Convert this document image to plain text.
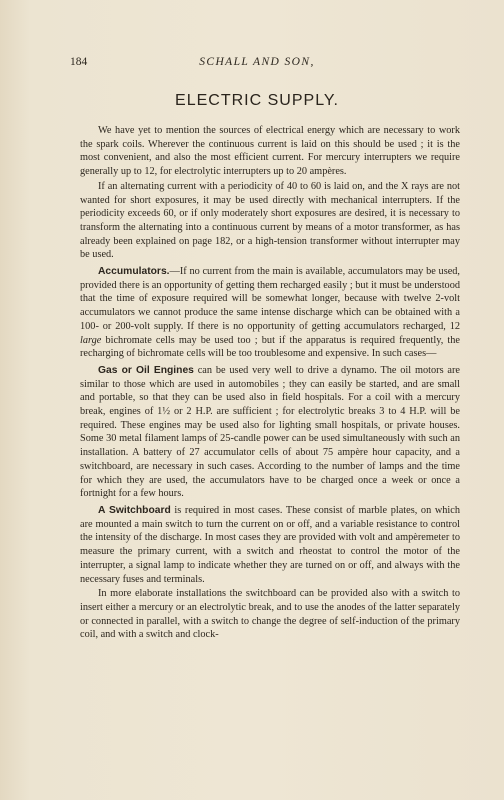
184	SCHALL AND SON,
ELECTRIC SUPPLY.

We have yet to mention the sources of electrical energy which are necessary to work the spark coils. Wherever the continuous current is laid on this should be used ; it is the most convenient, and also the most efficient current. For mercury interrupters we require generally up to 12, for electrolytic interrupters up to 20 ampères.

If an alternating current with a periodicity of 40 to 60 is laid on, and the X rays are not wanted for short exposures, it may be used directly with mechanical interrupters. If the periodicity exceeds 60, or if only moderately short exposures are desired, it is necessary to transform the alternating into a continuous current by means of a motor transformer, as has already been explained on page 182, or a high-tension transformer without interrupter may be used.

Accumulators.—If no current from the main is available, accumulators may be used, provided there is an opportunity of getting them recharged easily ; but it must be understood that the time of exposure required will be somewhat longer, because with twelve 2-volt accumulators we cannot produce the same intense discharge which can be obtained with a 100- or 200-volt supply. If there is no opportunity of getting accumulators recharged, 12 large bichromate cells may be used too ; but if the apparatus is required frequently, the recharging of bichromate cells will be too troublesome and expensive. In such cases—

Gas or Oil Engines can be used very well to drive a dynamo. The oil motors are similar to those which are used in automobiles ; they can easily be started, and are small and portable, so that they can be used also in field hospitals. For a coil with a mercury break, engines of 1½ or 2 H.P. are sufficient ; for electrolytic breaks 3 to 4 H.P. will be required. These engines may be used also for lighting small hospitals, or private houses. Some 30 metal filament lamps of 25-candle power can be used simultaneously with such an installation. A battery of 27 accumulator cells of about 75 ampère hour capacity, and a switchboard, are necessary in such cases. According to the number of lamps and the time for which they are used, the accumulators have to be charged once a week or once a fortnight for a few hours.

A Switchboard is required in most cases. These consist of marble plates, on which are mounted a main switch to turn the current on or off, and a variable resistance to control the intensity of the discharge. In most cases they are provided with volt and ampèremeter to measure the primary current, with a switch and rheostat to control the motor of the interrupter, a signal lamp to indicate whether they are turned on or off, and always with the necessary fuses and terminals.

In more elaborate installations the switchboard can be provided also with a switch to insert either a mercury or an electrolytic break, and to use the anodes of the latter separately or connected in parallel, with a switch to change the degree of self-induction of the primary coil, and with a switch and clock-
